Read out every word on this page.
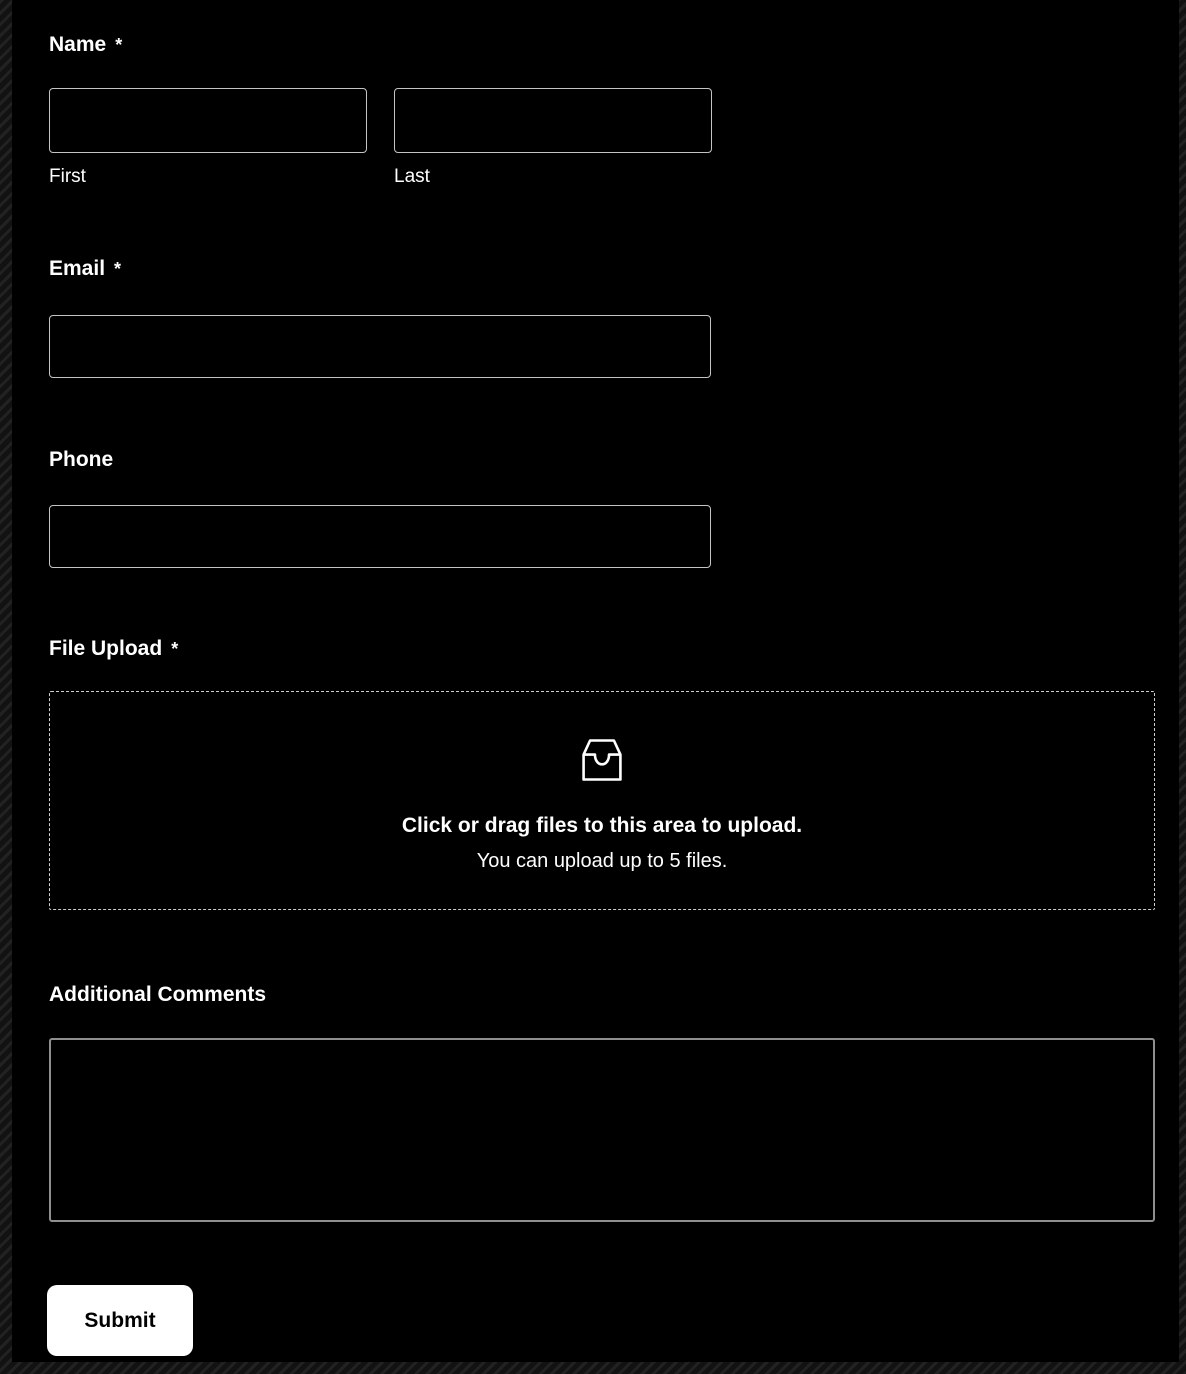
Name *
First	Last
Email *
Phone
File Upload *
Click or drag files to this area to upload.
You can upload up to 5 files.
Additional Comments
Submit
